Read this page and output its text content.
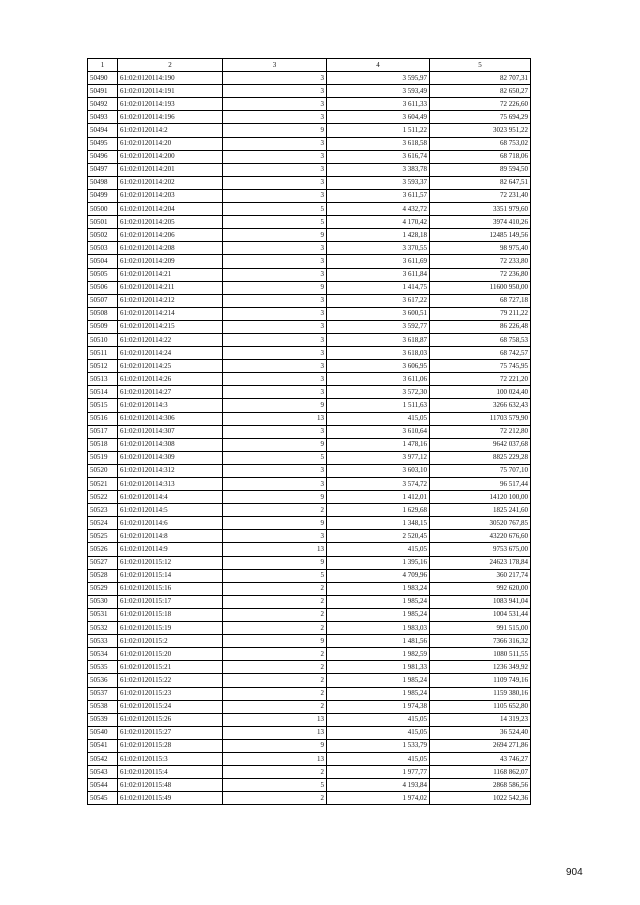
1	2	3	4	5
50490	61:02:0120114:190	3	3 595,97	82 707,31
50491	61:02:0120114:191	3	3 593,49	82 650,27
50492	61:02:0120114:193	3	3 611,33	72 226,60
50493	61:02:0120114:196	3	3 604,49	75 694,29
50494	61:02:0120114:2	9	1 511,22	3023 951,22
50495	61:02:0120114:20	3	3 618,58	68 753,02
50496	61:02:0120114:200	3	3 616,74	68 718,06
50497	61:02:0120114:201	3	3 383,78	89 594,50
50498	61:02:0120114:202	3	3 593,37	82 647,51
50499	61:02:0120114:203	3	3 611,57	72 231,40
50500	61:02:0120114:204	5	4 432,72	3351 979,60
50501	61:02:0120114:205	5	4 170,42	3974 410,26
50502	61:02:0120114:206	9	1 428,18	12485 149,56
50503	61:02:0120114:208	3	3 370,55	98 975,40
50504	61:02:0120114:209	3	3 611,69	72 233,80
50505	61:02:0120114:21	3	3 611,84	72 236,80
50506	61:02:0120114:211	9	1 414,75	11600 950,00
50507	61:02:0120114:212	3	3 617,22	68 727,18
50508	61:02:0120114:214	3	3 600,51	79 211,22
50509	61:02:0120114:215	3	3 592,77	86 226,48
50510	61:02:0120114:22	3	3 618,87	68 758,53
50511	61:02:0120114:24	3	3 618,03	68 742,57
50512	61:02:0120114:25	3	3 606,95	75 745,95
50513	61:02:0120114:26	3	3 611,06	72 221,20
50514	61:02:0120114:27	3	3 572,30	100 024,40
50515	61:02:0120114:3	9	1 511,63	3266 632,43
50516	61:02:0120114:306	13	415,05	11703 579,90
50517	61:02:0120114:307	3	3 610,64	72 212,80
50518	61:02:0120114:308	9	1 478,16	9642 037,68
50519	61:02:0120114:309	5	3 977,12	8825 229,28
50520	61:02:0120114:312	3	3 603,10	75 707,10
50521	61:02:0120114:313	3	3 574,72	96 517,44
50522	61:02:0120114:4	9	1 412,01	14120 100,00
50523	61:02:0120114:5	2	1 629,68	1825 241,60
50524	61:02:0120114:6	9	1 348,15	30520 767,85
50525	61:02:0120114:8	3	2 520,45	43220 676,60
50526	61:02:0120114:9	13	415,05	9753 675,00
50527	61:02:0120115:12	9	1 395,16	24623 178,84
50528	61:02:0120115:14	5	4 709,96	360 217,74
50529	61:02:0120115:16	2	1 983,24	992 620,00
50530	61:02:0120115:17	2	1 985,24	1083 941,04
50531	61:02:0120115:18	2	1 985,24	1004 531,44
50532	61:02:0120115:19	2	1 983,03	991 515,00
50533	61:02:0120115:2	9	1 481,56	7366 316,32
50534	61:02:0120115:20	2	1 982,59	1080 511,55
50535	61:02:0120115:21	2	1 981,33	1236 349,92
50536	61:02:0120115:22	2	1 985,24	1109 749,16
50537	61:02:0120115:23	2	1 985,24	1159 380,16
50538	61:02:0120115:24	2	1 974,38	1105 652,80
50539	61:02:0120115:26	13	415,05	14 319,23
50540	61:02:0120115:27	13	415,05	36 524,40
50541	61:02:0120115:28	9	1 533,79	2694 271,86
50542	61:02:0120115:3	13	415,05	43 746,27
50543	61:02:0120115:4	2	1 977,77	1168 862,07
50544	61:02:0120115:48	5	4 193,84	2868 586,56
50545	61:02:0120115:49	2	1 974,02	1022 542,36
904
